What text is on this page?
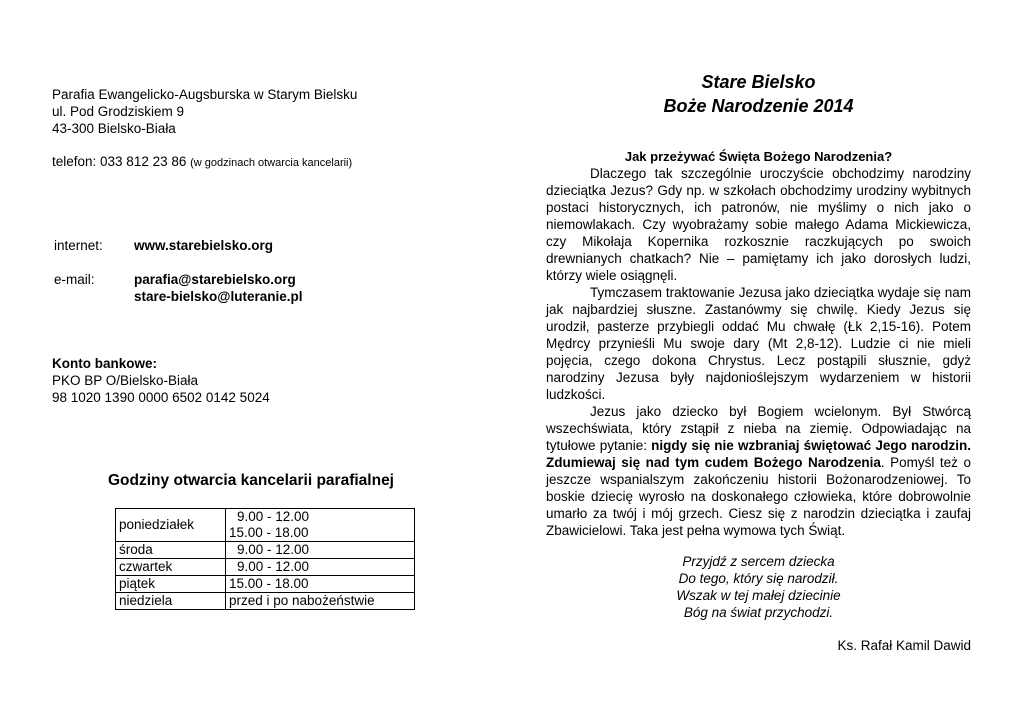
Parafia Ewangelicko-Augsburska w Starym Bielsku
ul. Pod Grodziskiem 9
43-300 Bielsko-Biała
telefon: 033 812 23 86 (w godzinach otwarcia kancelarii)
internet: www.starebielsko.org
e-mail:	parafia@starebielsko.org
stare-bielsko@luteranie.pl
Konto bankowe:
PKO BP O/Bielsko-Biała
98 1020 1390 0000 6502 0142 5024
Godziny otwarcia kancelarii parafialnej
poniedziałek	9.00 - 12.00
15.00 - 18.00

środa	9.00 - 12.00
czwartek	9.00 - 12.00
piątek	15.00 - 18.00
niedziela	przed i po nabożeństwie
Stare Bielsko
Boże Narodzenie 2014
Jak przeżywać Święta Bożego Narodzenia?
Dlaczego tak szczególnie uroczyście obchodzimy narodziny dzieciątka Jezus? Gdy np. w szkołach obchodzimy urodziny wybitnych postaci historycznych, ich patronów, nie myślimy o nich jako o niemowlakach. Czy wyobrażamy sobie małego Adama Mickiewicza, czy Mikołaja Kopernika rozkosznie raczkujących po swoich drewnianych chatkach? Nie – pamiętamy ich jako dorosłych ludzi, którzy wiele osiągnęli.
Tymczasem traktowanie Jezusa jako dzieciątka wydaje się nam jak najbardziej słuszne. Zastanówmy się chwilę. Kiedy Jezus się urodził, pasterze przybiegli oddać Mu chwałę (Łk 2,15-16). Potem Mędrcy przynieśli Mu swoje dary (Mt 2,8-12). Ludzie ci nie mieli pojęcia, czego dokona Chrystus. Lecz postąpili słusznie, gdyż narodziny Jezusa były najdonioślejszym wydarzeniem w historii ludzkości.
Jezus jako dziecko był Bogiem wcielonym. Był Stwórcą wszechświata, który zstąpił z nieba na ziemię. Odpowiadając na tytułowe pytanie: nigdy się nie wzbraniaj świętować Jego narodzin. Zdumiewaj się nad tym cudem Bożego Narodzenia. Pomyśl też o jeszcze wspanialszym zakończeniu historii Bożonarodzeniowej. To boskie dziecię wyrosło na doskonałego człowieka, które dobrowolnie umarło za twój i mój grzech. Ciesz się z narodzin dzieciątka i zaufaj Zbawicielowi. Taka jest pełna wymowa tych Świąt.
Przyjdź z sercem dziecka
Do tego, który się narodził.
Wszak w tej małej dziecinie
Bóg na świat przychodzi.
Ks. Rafał Kamil Dawid
